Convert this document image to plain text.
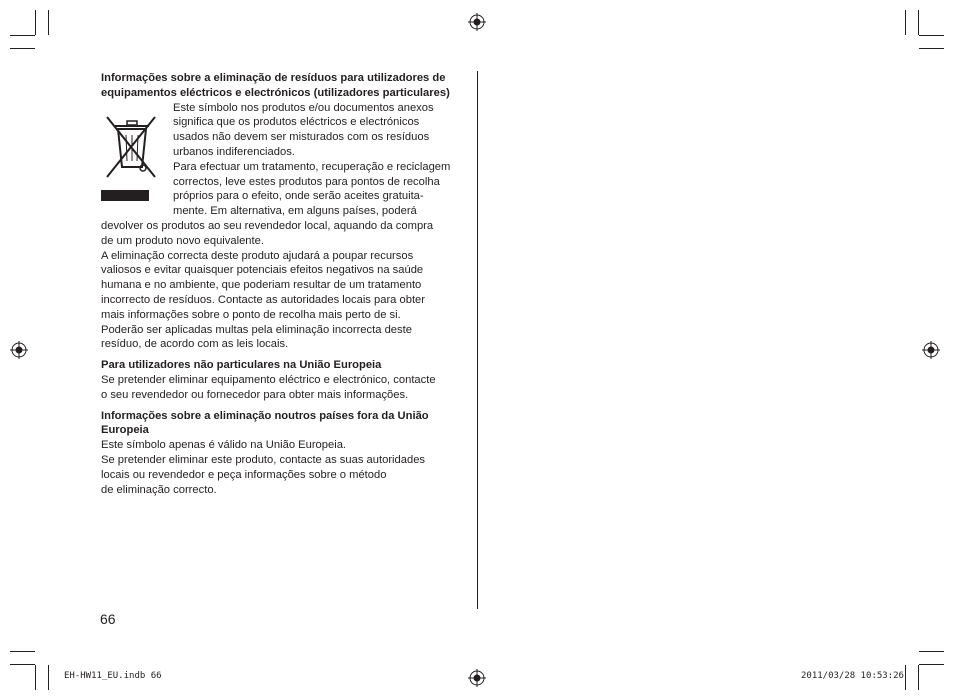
Informações sobre a eliminação de resíduos para utilizadores de equipamentos eléctricos e electrónicos (utilizadores particulares)

Este símbolo nos produtos e/ou documentos anexos

significa que os produtos eléctricos e electrónicos

usados não devem ser misturados com os resíduos

urbanos indiferenciados.

Para efectuar um tratamento, recuperação e reciclagem

correctos, leve estes produtos para pontos de recolha

próprios para o efeito, onde serão aceites gratuita-

mente. Em alternativa, em alguns países, poderá

devolver os produtos ao seu revendedor local, aquando da compra

de um produto novo equivalente.

A eliminação correcta deste produto ajudará a poupar recursos

valiosos e evitar quaisquer potenciais efeitos negativos na saúde

humana e no ambiente, que poderiam resultar de um tratamento

incorrecto de resíduos. Contacte as autoridades locais para obter

mais informações sobre o ponto de recolha mais perto de si.

Poderão ser aplicadas multas pela eliminação incorrecta deste

resíduo, de acordo com as leis locais.

Para utilizadores não particulares na União Europeia

Se pretender eliminar equipamento eléctrico e electrónico, contacte

o seu revendedor ou fornecedor para obter mais informações.

Informações sobre a eliminação noutros países fora da União

Europeia

Este símbolo apenas é válido na União Europeia.

Se pretender eliminar este produto, contacte as suas autoridades

locais ou revendedor e peça informações sobre o método

de eliminação correcto.

66
EH-HW11_EU.indb 66	2011/03/28 10:53:26
